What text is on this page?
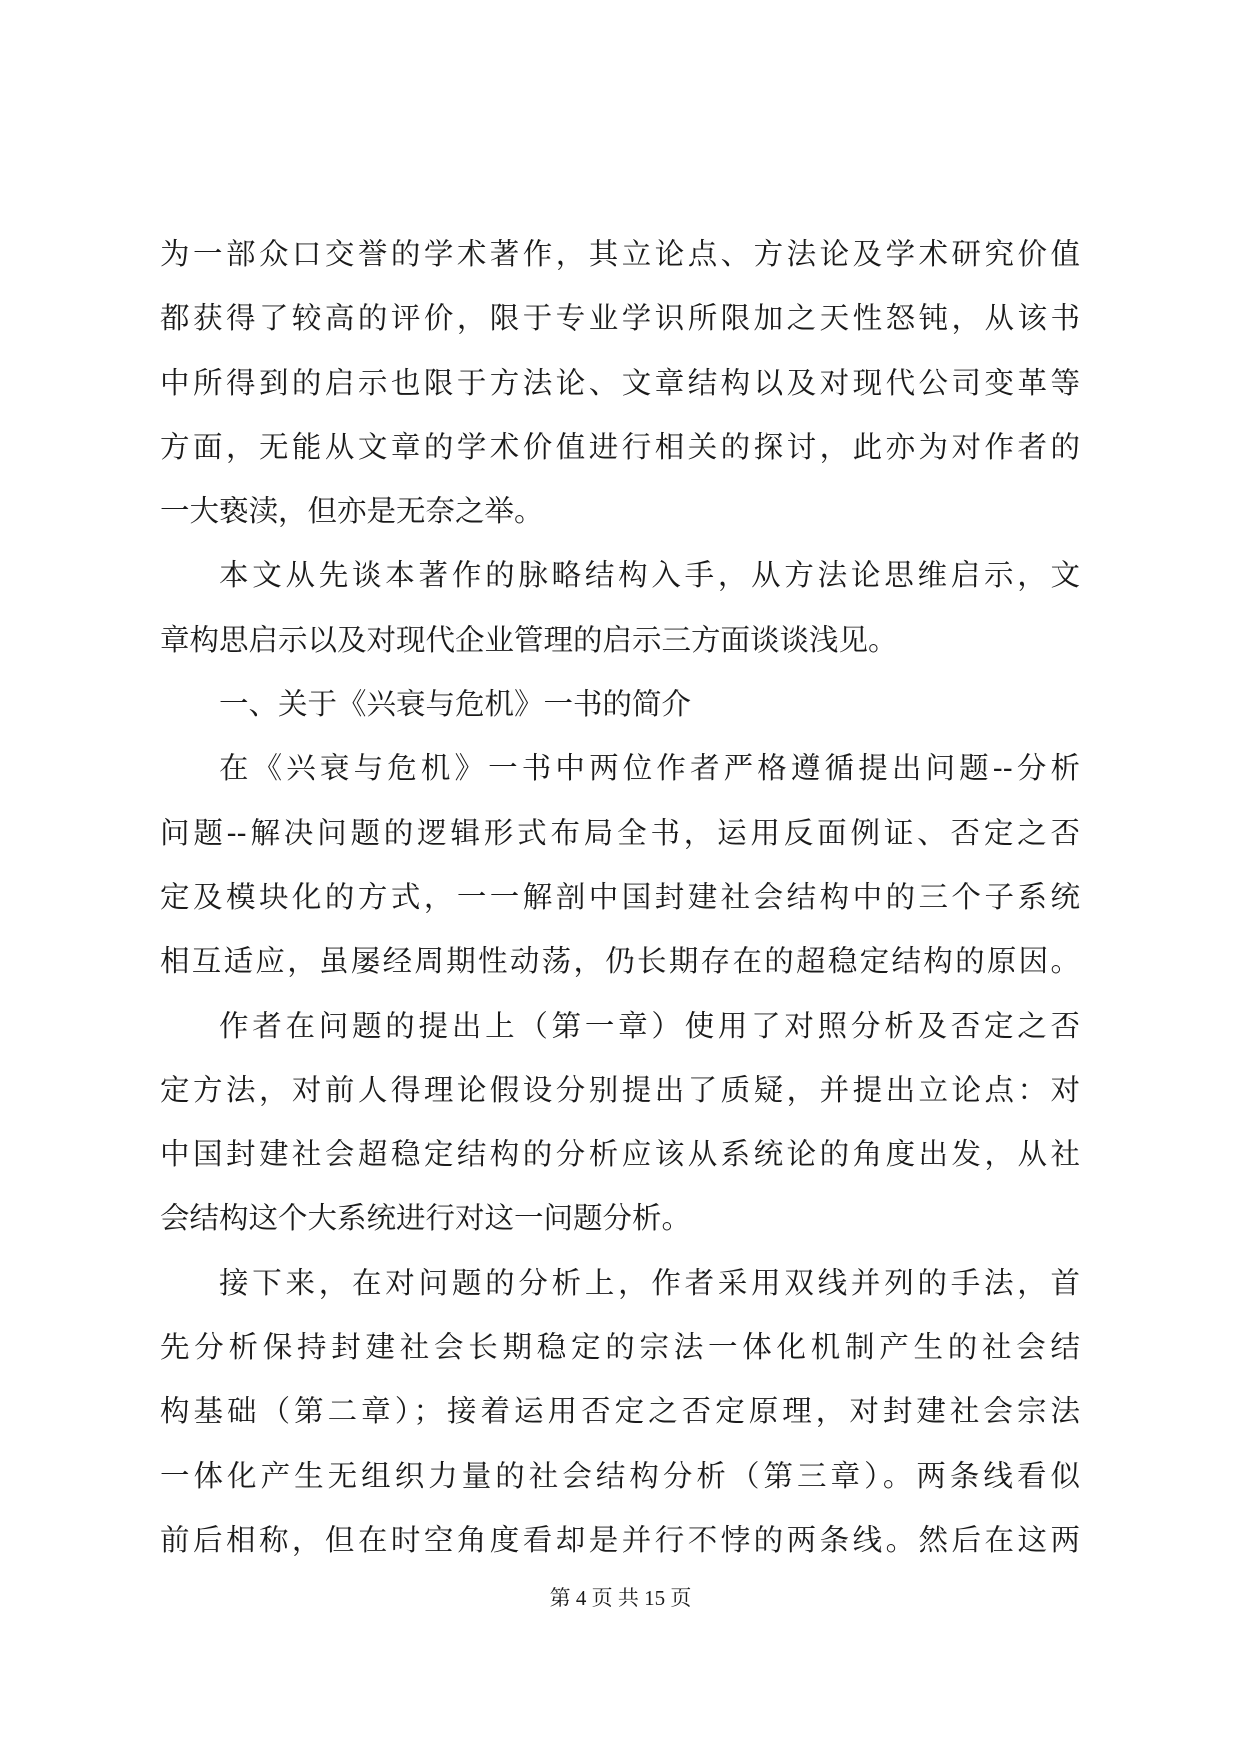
为一部众口交誉的学术著作，其立论点、方法论及学术研究价值
都获得了较高的评价，限于专业学识所限加之天性怒钝，从该书
中所得到的启示也限于方法论、文章结构以及对现代公司变革等
方面，无能从文章的学术价值进行相关的探讨，此亦为对作者的
一大亵渎，但亦是无奈之举。
本文从先谈本著作的脉略结构入手，从方法论思维启示，文
章构思启示以及对现代企业管理的启示三方面谈谈浅见。
一、关于《兴衰与危机》一书的简介
在《兴衰与危机》一书中两位作者严格遵循提出问题--分析
问题--解决问题的逻辑形式布局全书，运用反面例证、否定之否
定及模块化的方式，一一解剖中国封建社会结构中的三个子系统
相互适应，虽屡经周期性动荡，仍长期存在的超稳定结构的原因。
作者在问题的提出上（第一章）使用了对照分析及否定之否
定方法，对前人得理论假设分别提出了质疑，并提出立论点：对
中国封建社会超稳定结构的分析应该从系统论的角度出发，从社
会结构这个大系统进行对这一问题分析。
接下来，在对问题的分析上，作者采用双线并列的手法，首
先分析保持封建社会长期稳定的宗法一体化机制产生的社会结
构基础（第二章）；接着运用否定之否定原理，对封建社会宗法
一体化产生无组织力量的社会结构分析（第三章）。两条线看似
前后相称，但在时空角度看却是并行不悖的两条线。然后在这两
第 4 页 共 15 页
